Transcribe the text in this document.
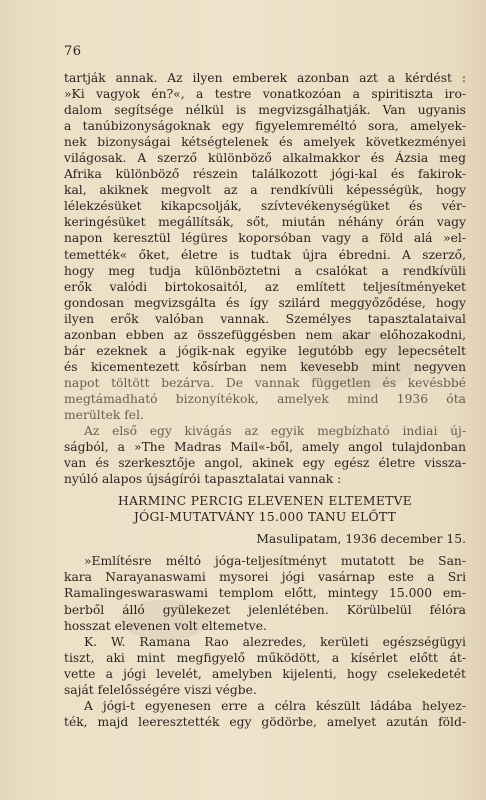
76
tartják annak. Az ilyen emberek azonban azt a kérdést :
»Ki vagyok én?«, a testre vonatkozóan a spiritiszta iro-
dalom segítsége nélkül is megvizsgálhatják. Van ugyanis
a tanúbizonyságoknak egy figyelemreméltó sora, amelyek-
nek bizonyságai kétségtelenek és amelyek következményei
világosak. A szerző különböző alkalmakkor és Ázsia meg
Afrika különböző részein találkozott jógi-kal és fakirok-
kal, akiknek megvolt az a rendkívüli képességük, hogy
lélekzésüket kikapcsolják, szívtevékenységüket és vér-
keringésüket megállítsák, sőt, miután néhány órán vagy
napon keresztül légüres koporsóban vagy a föld alá »el-
temették« őket, életre is tudtak újra ébredni. A szerző,
hogy meg tudja különböztetni a csalókat a rendkívüli
erők valódi birtokosaitól, az említett teljesítményeket
gondosan megvizsgálta és így szilárd meggyőződése, hogy
ilyen erők valóban vannak. Személyes tapasztalataival
azonban ebben az összefüggésben nem akar előhozakodni,
bár ezeknek a jógik-nak egyike legutóbb egy lepecsételt
és kicementezett kősírban nem kevesebb mint negyven
napot töltött bezárva. De vannak független és kevésbbé
megtámadható bizonyítékok, amelyek mind 1936 óta
merültek fel.
Az első egy kivágás az egyik megbízható indiai új-
ságból, a »The Madras Mail«-ből, amely angol tulajdonban
van és szerkesztője angol, akinek egy egész életre vissza-
nyúló alapos újságírói tapasztalatai vannak :
HARMINC PERCIG ELEVENEN ELTEMETVE
JÓGI-MUTATVÁNY 15.000 TANU ELŐTT
Masulipatam, 1936 december 15.
»Említésre méltó jóga-teljesítményt mutatott be San-
kara Narayanaswami mysorei jógi vasárnap este a Sri
Ramalingeswaraswami templom előtt, mintegy 15.000 em-
berből álló gyülekezet jelenlétében. Körülbelül félóra
hosszat elevenen volt eltemetve.
K. W. Ramana Rao alezredes, kerületi egészségügyi
tiszt, aki mint megfigyelő működött, a kísérlet előtt át-
vette a jógi levelét, amelyben kijelenti, hogy cselekedetét
saját felelősségére viszi végbe.
A jógi-t egyenesen erre a célra készült ládába helyez-
ték, majd leeresztették egy gödörbe, amelyet azután föld-
